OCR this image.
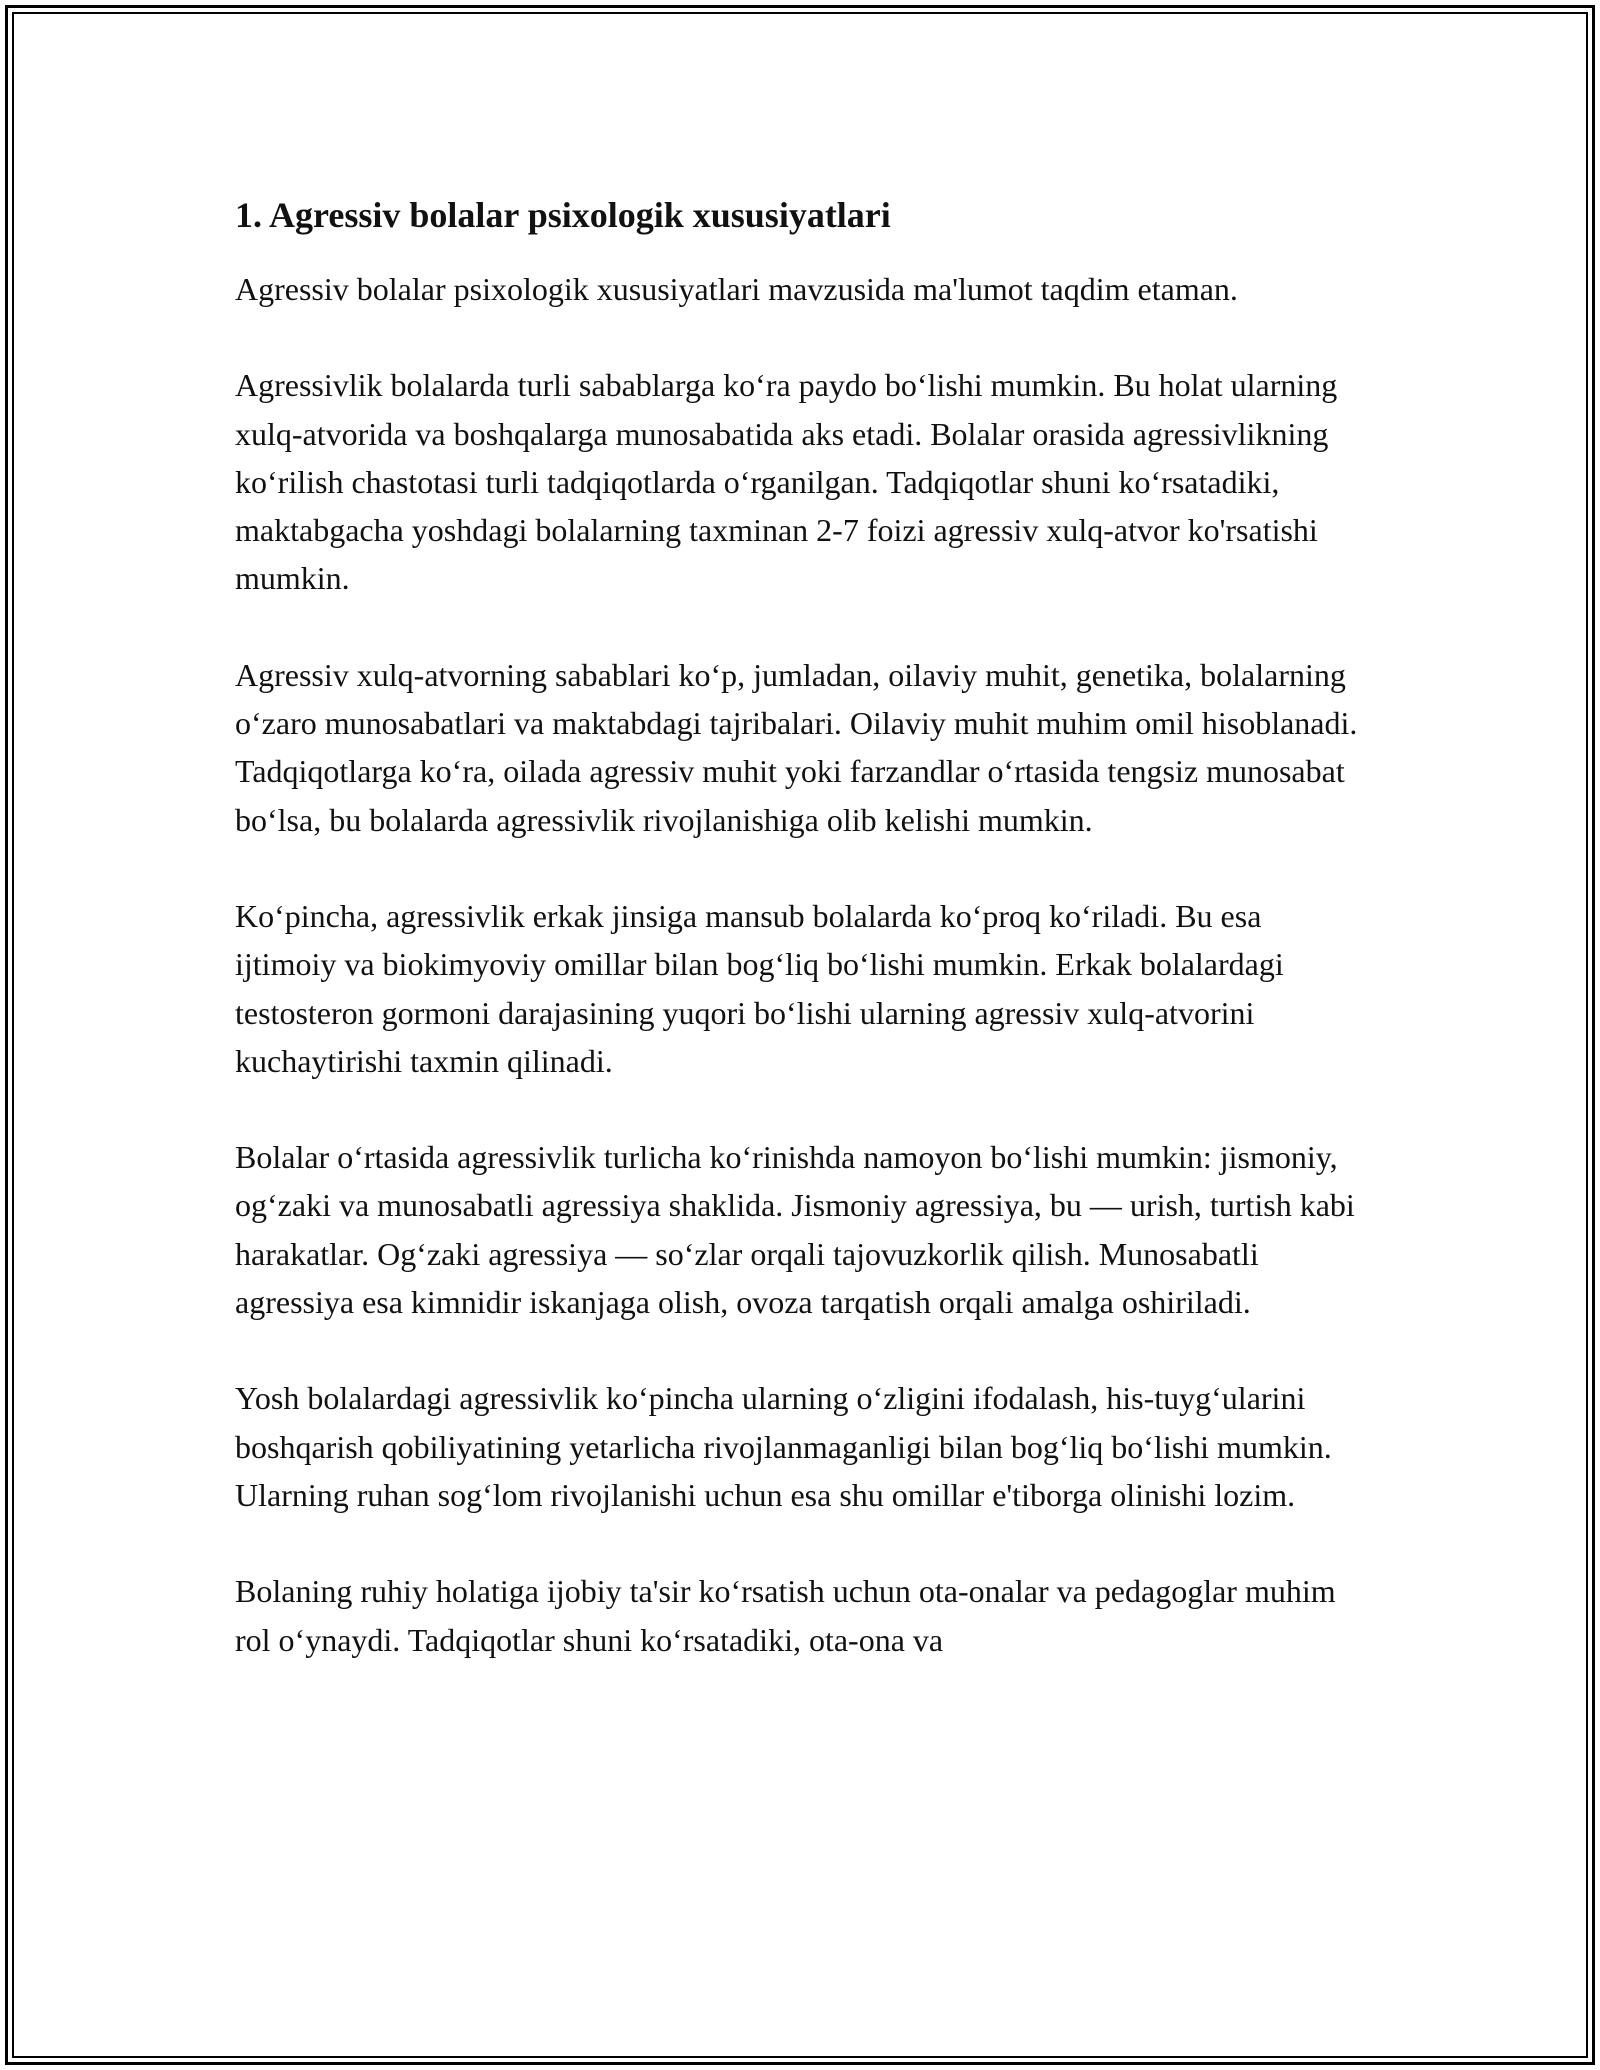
1. Agressiv bolalar psixologik xususiyatlari

Agressiv bolalar psixologik xususiyatlari mavzusida ma'lumot taqdim etaman.

Agressivlik bolalarda turli sabablarga ko‘ra paydo bo‘lishi mumkin. Bu holat ularning xulq-atvorida va boshqalarga munosabatida aks etadi. Bolalar orasida agressivlikning ko‘rilish chastotasi turli tadqiqotlarda o‘rganilgan. Tadqiqotlar shuni ko‘rsatadiki, maktabgacha yoshdagi bolalarning taxminan 2-7 foizi agressiv xulq-atvor ko'rsatishi mumkin.

Agressiv xulq-atvorning sabablari ko‘p, jumladan, oilaviy muhit, genetika, bolalarning o‘zaro munosabatlari va maktabdagi tajribalari. Oilaviy muhit muhim omil hisoblanadi. Tadqiqotlarga ko‘ra, oilada agressiv muhit yoki farzandlar o‘rtasida tengsiz munosabat bo‘lsa, bu bolalarda agressivlik rivojlanishiga olib kelishi mumkin.

Ko‘pincha, agressivlik erkak jinsiga mansub bolalarda ko‘proq ko‘riladi. Bu esa ijtimoiy va biokimyoviy omillar bilan bog‘liq bo‘lishi mumkin. Erkak bolalardagi testosteron gormoni darajasining yuqori bo‘lishi ularning agressiv xulq-atvorini kuchaytirishi taxmin qilinadi.

Bolalar o‘rtasida agressivlik turlicha ko‘rinishda namoyon bo‘lishi mumkin: jismoniy, og‘zaki va munosabatli agressiya shaklida. Jismoniy agressiya, bu — urish, turtish kabi harakatlar. Og‘zaki agressiya — so‘zlar orqali tajovuzkorlik qilish. Munosabatli agressiya esa kimnidir iskanjaga olish, ovoza tarqatish orqali amalga oshiriladi.

Yosh bolalardagi agressivlik ko‘pincha ularning o‘zligini ifodalash, his-tuyg‘ularini boshqarish qobiliyatining yetarlicha rivojlanmaganligi bilan bog‘liq bo‘lishi mumkin. Ularning ruhan sog‘lom rivojlanishi uchun esa shu omillar e'tiborga olinishi lozim.

Bolaning ruhiy holatiga ijobiy ta'sir ko‘rsatish uchun ota-onalar va pedagoglar muhim rol o‘ynaydi. Tadqiqotlar shuni ko‘rsatadiki, ota-ona va
